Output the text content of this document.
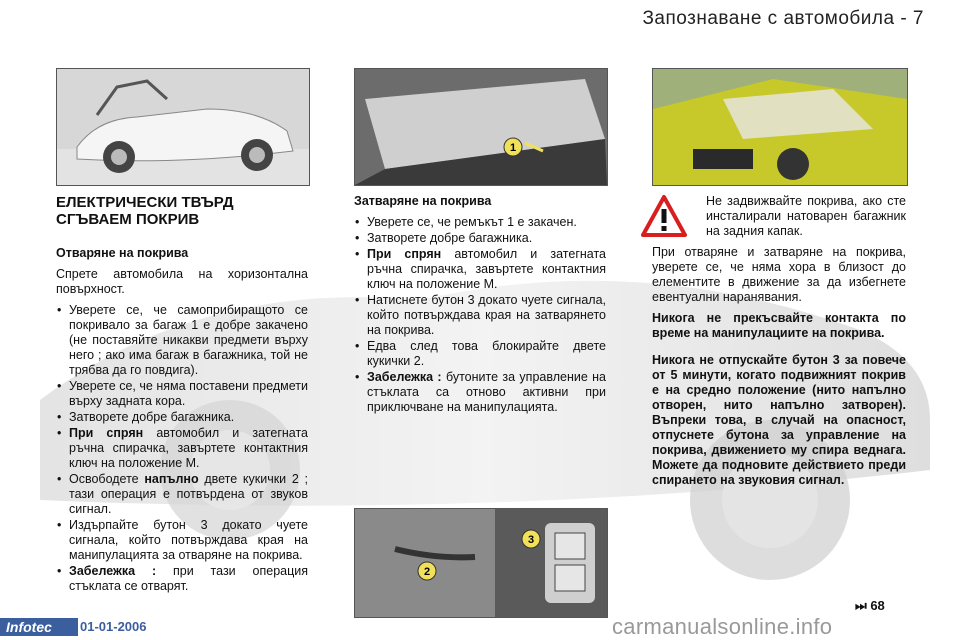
Запознаване с автомобила - 7
1
2
3
ЕЛЕКТРИЧЕСКИ ТВЪРД СГЪВАЕМ ПОКРИВ
Отваряне на покрива

Спрете автомобила на хоризонтална повърхност.

• Уверете се, че самоприбиращото се покривало за багаж 1 е добре закачено (не поставяйте никакви предмети върху него ; ако има багаж в багажника, той не трябва да го повдига).
• Уверете се, че няма поставени предмети върху задната кора.
• Затворете добре багажника.
• При спрян автомобил и затегната ръчна спирачка, завъртете контактния ключ на положение M.
• Освободете напълно двете кукички 2 ; тази операция е потвърдена от звуков сигнал.
• Издърпайте бутон 3 докато чуете сигнала, който потвърждава края на манипулацията за отваряне на покрива.
• Забележка : при тази операция стъклата се отварят.
Затваряне на покрива
• Уверете се, че ремъкът 1 е закачен.
• Затворете добре багажника.
• При спрян автомобил и затегната ръчна спирачка, завъртете контактния ключ на положение M.
• Натиснете бутон 3 докато чуете сигнала, който потвърждава края на затварянето на покрива.
• Едва след това блокирайте двете кукички 2.
• Забележка : бутоните за управление на стъклата са отново активни при приключване на манипулацията.

Не задвижвайте покрива, ако сте инсталирали натоварен багажник на задния капак.

При отваряне и затваряне на покрива, уверете се, че няма хора в близост до елементите в движение за да избегнете евентуални наранявания.

Никога не прекъсвайте контакта по време на манипулациите на покрива.

Никога не отпускайте бутон 3 за повече от 5 минути, когато подвижният покрив е на средно положение (нито напълно отворен, нито напълно затворен). Въпреки това, в случай на опасност, отпуснете бутона за управление на покрива, движението му спира веднага. Можете да подновите действието преди спирането на звуковия сигнал.

⏭ 68
Infotec	01-01-2006	carmanualsonline.info
